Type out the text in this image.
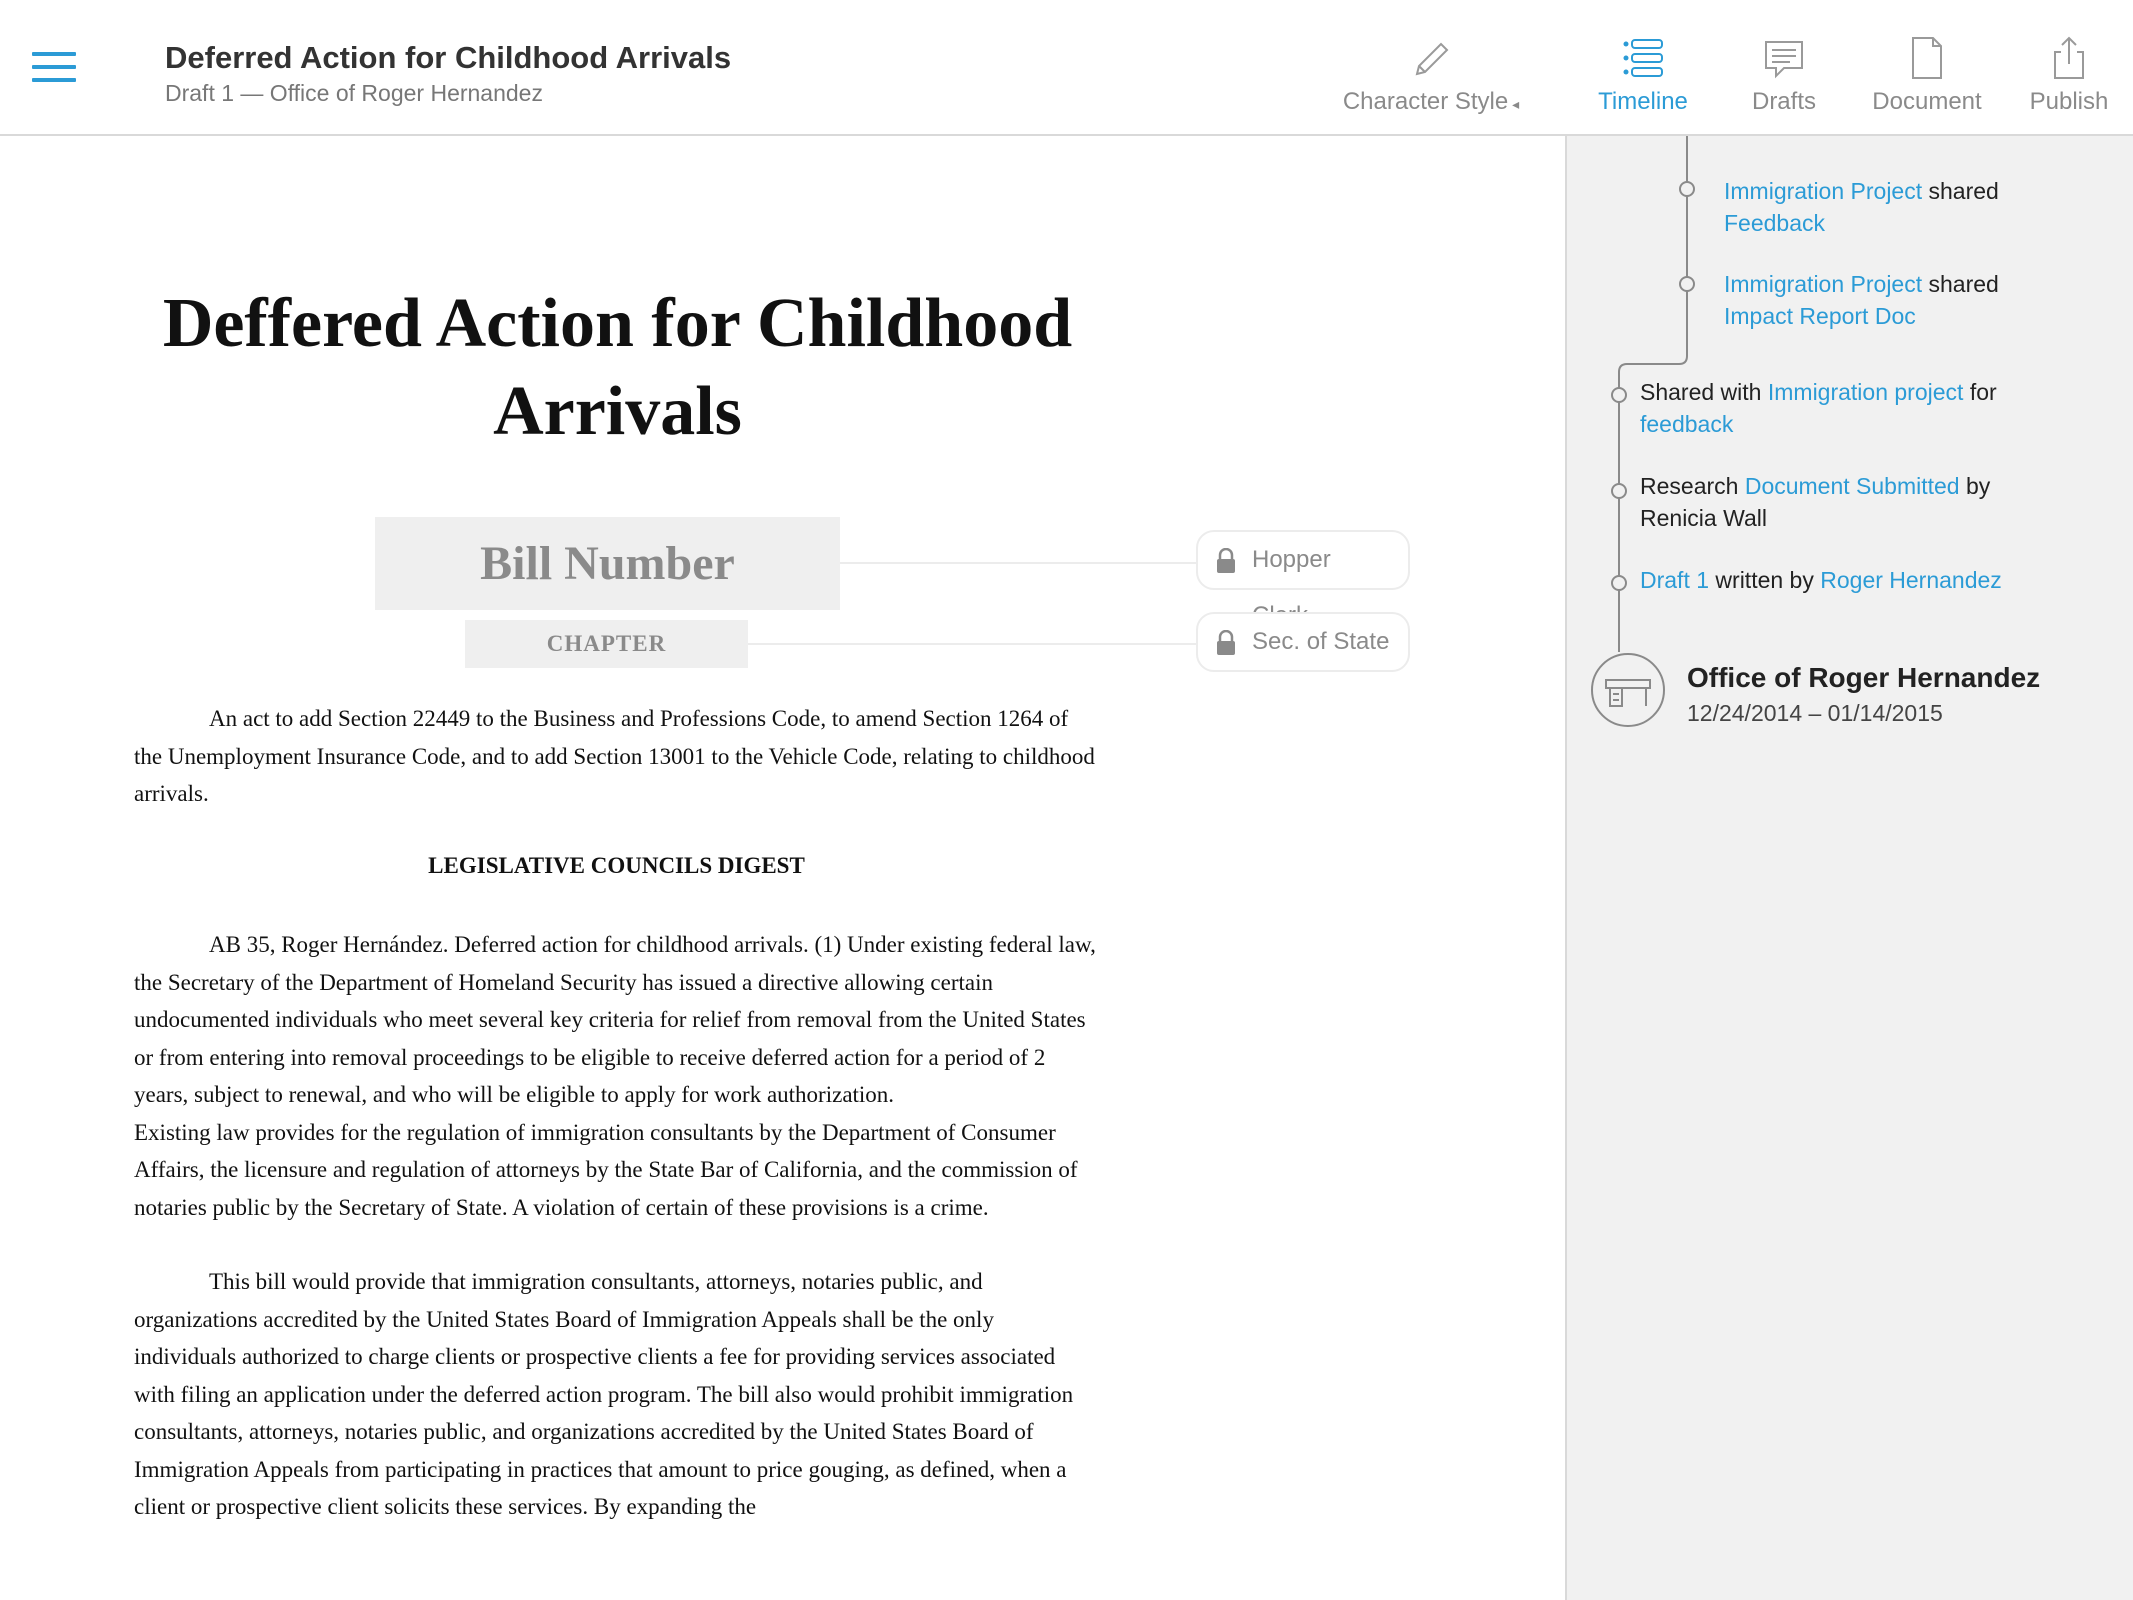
Deferred Action for Childhood Arrivals
Draft 1 — Office of Roger Hernandez	Character Style ◂	Timeline	Drafts	Document	Publish
Deffered Action for Childhood Arrivals
Bill Number
CHAPTER
Hopper
Sec. of State

An act to add Section 22449 to the Business and Professions Code, to amend Section 1264 of the Unemployment Insurance Code, and to add Section 13001 to the Vehicle Code, relating to childhood arrivals.

LEGISLATIVE COUNCILS DIGEST

AB 35, Roger Hernández. Deferred action for childhood arrivals. (1) Under existing federal law, the Secretary of the Department of Homeland Security has issued a directive allowing certain undocumented individuals who meet several key criteria for relief from removal from the United States or from entering into removal proceedings to be eligible to receive deferred action for a period of 2 years, subject to renewal, and who will be eligible to apply for work authorization.

Existing law provides for the regulation of immigration consultants by the Department of Consumer Affairs, the licensure and regulation of attorneys by the State Bar of California, and the commission of notaries public by the Secretary of State. A violation of certain of these provisions is a crime.

This bill would provide that immigration consultants, attorneys, notaries public, and organizations accredited by the United States Board of Immigration Appeals shall be the only individuals authorized to charge clients or prospective clients a fee for providing services associated with filing an application under the deferred action program. The bill also would prohibit immigration consultants, attorneys, notaries public, and organizations accredited by the United States Board of Immigration Appeals from participating in practices that amount to price gouging, as defined, when a client or prospective client solicits these services. By expanding the

Immigration Project shared
Feedback
Immigration Project shared
Impact Report Doc
Shared with Immigration project for
feedback
Research Document Submitted by Renicia Wall
Draft 1 written by Roger Hernandez
Office of Roger Hernandez
12/24/2014 – 01/14/2015
